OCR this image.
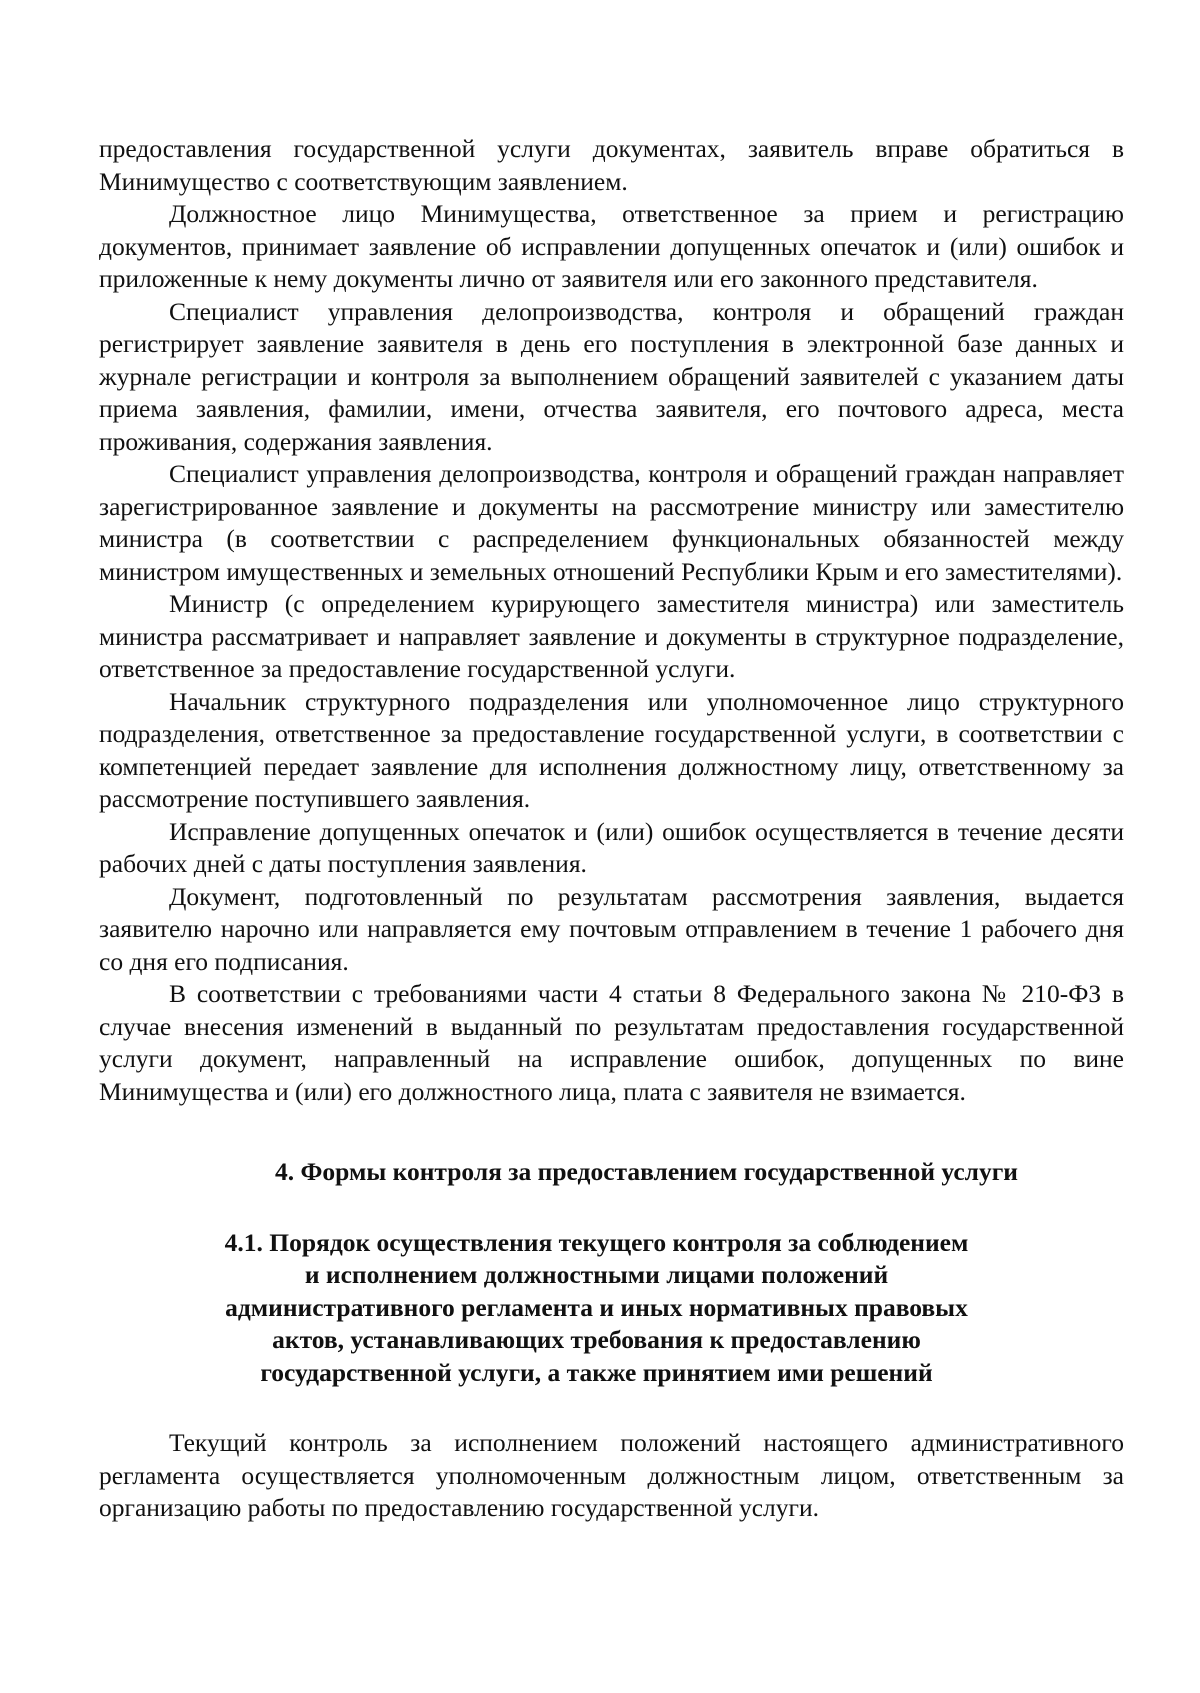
предоставления государственной услуги документах, заявитель вправе обратиться в Минимущество с соответствующим заявлением.

Должностное лицо Минимущества, ответственное за прием и регистрацию документов, принимает заявление об исправлении допущенных опечаток и (или) ошибок и приложенные к нему документы лично от заявителя или его законного представителя.

Специалист управления делопроизводства, контроля и обращений граждан регистрирует заявление заявителя в день его поступления в электронной базе данных и журнале регистрации и контроля за выполнением обращений заявителей с указанием даты приема заявления, фамилии, имени, отчества заявителя, его почтового адреса, места проживания, содержания заявления.

Специалист управления делопроизводства, контроля и обращений граждан направляет зарегистрированное заявление и документы на рассмотрение министру или заместителю министра (в соответствии с распределением функциональных обязанностей между министром имущественных и земельных отношений Республики Крым и его заместителями).

Министр (с определением курирующего заместителя министра) или заместитель министра рассматривает и направляет заявление и документы в структурное подразделение, ответственное за предоставление государственной услуги.

Начальник структурного подразделения или уполномоченное лицо структурного подразделения, ответственное за предоставление государственной услуги, в соответствии с компетенцией передает заявление для исполнения должностному лицу, ответственному за рассмотрение поступившего заявления.

Исправление допущенных опечаток и (или) ошибок осуществляется в течение десяти рабочих дней с даты поступления заявления.

Документ, подготовленный по результатам рассмотрения заявления, выдается заявителю нарочно или направляется ему почтовым отправлением в течение 1 рабочего дня со дня его подписания.

В соответствии с требованиями части 4 статьи 8 Федерального закона № 210-ФЗ в случае внесения изменений в выданный по результатам предоставления государственной услуги документ, направленный на исправление ошибок, допущенных по вине Минимущества и (или) его должностного лица, плата с заявителя не взимается.

4. Формы контроля за предоставлением государственной услуги

4.1. Порядок осуществления текущего контроля за соблюдением
и исполнением должностными лицами положений
административного регламента и иных нормативных правовых
актов, устанавливающих требования к предоставлению
государственной услуги, а также принятием ими решений

Текущий контроль за исполнением положений настоящего административного регламента осуществляется уполномоченным должностным лицом, ответственным за организацию работы по предоставлению государственной услуги.
